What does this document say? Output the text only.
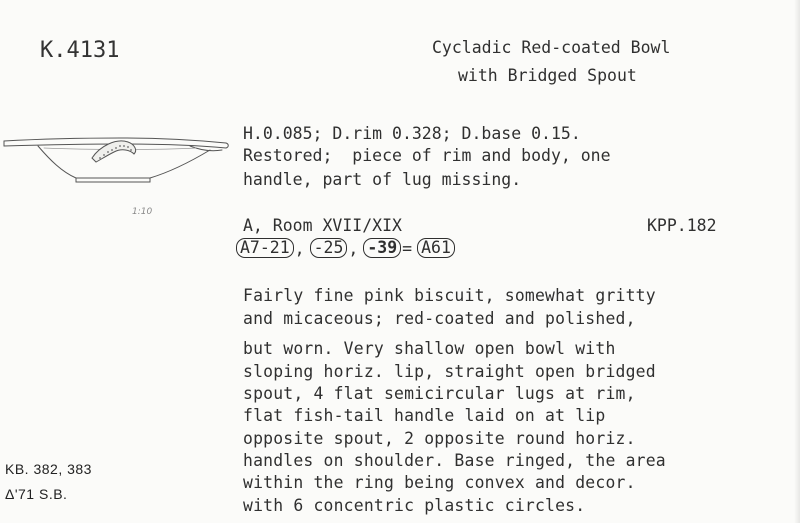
K.4131	Cycladic Red-coated Bowl

with Bridged Spout

1:10

H.0.085; D.rim 0.328; D.base 0.15.

Restored;  piece of rim and body, one

handle, part of lug missing.

A, Room XVII/XIX	KPP.182

A7-21 , -25 , -39 = A61

Fairly fine pink biscuit, somewhat gritty

and micaceous; red-coated and polished,

but worn. Very shallow open bowl with

sloping horiz. lip, straight open bridged

spout, 4 flat semicircular lugs at rim,

flat fish-tail handle laid on at lip

opposite spout, 2 opposite round horiz.

handles on shoulder. Base ringed, the area

within the ring being convex and decor.

with 6 concentric plastic circles.

KB. 382, 383

Δ'71 S.B.
